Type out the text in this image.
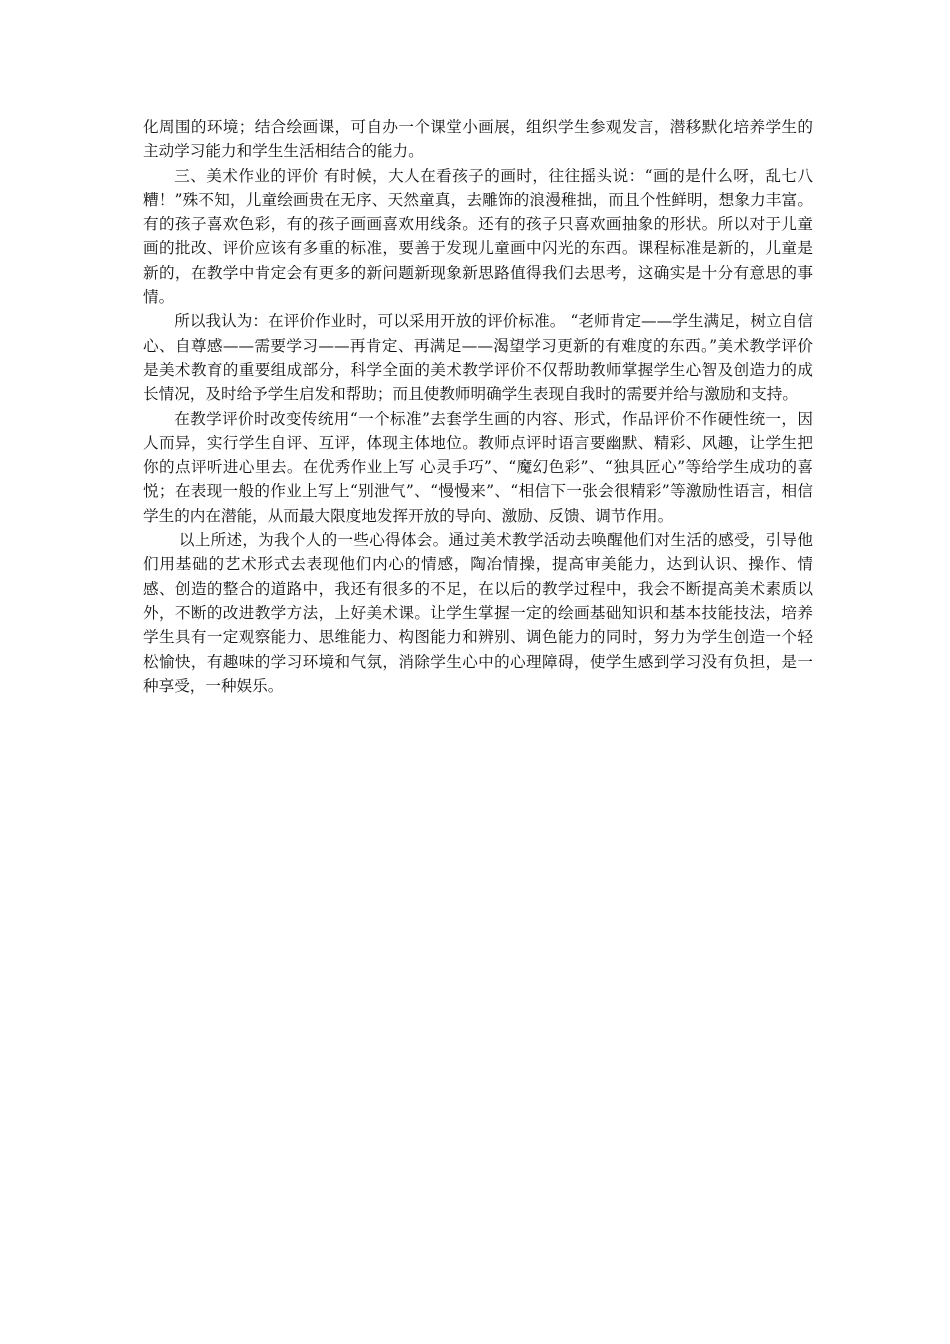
化周围的环境；结合绘画课，可自办一个课堂小画展，组织学生参观发言，潜移默化培养学生的主动学习能力和学生生活相结合的能力。

三、美术作业的评价 有时候，大人在看孩子的画时，往往摇头说：“画的是什么呀，乱七八糟！”殊不知，儿童绘画贵在无序、天然童真，去雕饰的浪漫稚拙，而且个性鲜明，想象力丰富。有的孩子喜欢色彩，有的孩子画画喜欢用线条。还有的孩子只喜欢画抽象的形状。所以对于儿童画的批改、评价应该有多重的标准，要善于发现儿童画中闪光的东西。课程标准是新的，儿童是新的，在教学中肯定会有更多的新问题新现象新思路值得我们去思考，这确实是十分有意思的事情。

所以我认为：在评价作业时，可以采用开放的评价标准。 “老师肯定——学生满足，树立自信心、自尊感——需要学习——再肯定、再满足——渴望学习更新的有难度的东西。”美术教学评价是美术教育的重要组成部分，科学全面的美术教学评价不仅帮助教师掌握学生心智及创造力的成长情况，及时给予学生启发和帮助；而且使教师明确学生表现自我时的需要并给与激励和支持。

在教学评价时改变传统用“一个标准”去套学生画的内容、形式，作品评价不作硬性统一，因人而异，实行学生自评、互评，体现主体地位。教师点评时语言要幽默、精彩、风趣，让学生把你的点评听进心里去。在优秀作业上写 心灵手巧”、“魔幻色彩”、“独具匠心”等给学生成功的喜悦；在表现一般的作业上写上“别泄气”、“慢慢来”、“相信下一张会很精彩”等激励性语言，相信学生的内在潜能，从而最大限度地发挥开放的导向、激励、反馈、调节作用。

以上所述，为我个人的一些心得体会。通过美术教学活动去唤醒他们对生活的感受，引导他们用基础的艺术形式去表现他们内心的情感，陶冶情操，提高审美能力，达到认识、操作、情感、创造的整合的道路中，我还有很多的不足，在以后的教学过程中，我会不断提高美术素质以外，不断的改进教学方法，上好美术课。让学生掌握一定的绘画基础知识和基本技能技法，培养学生具有一定观察能力、思维能力、构图能力和辨别、调色能力的同时，努力为学生创造一个轻松愉快，有趣味的学习环境和气氛，消除学生心中的心理障碍，使学生感到学习没有负担，是一种享受，一种娱乐。
